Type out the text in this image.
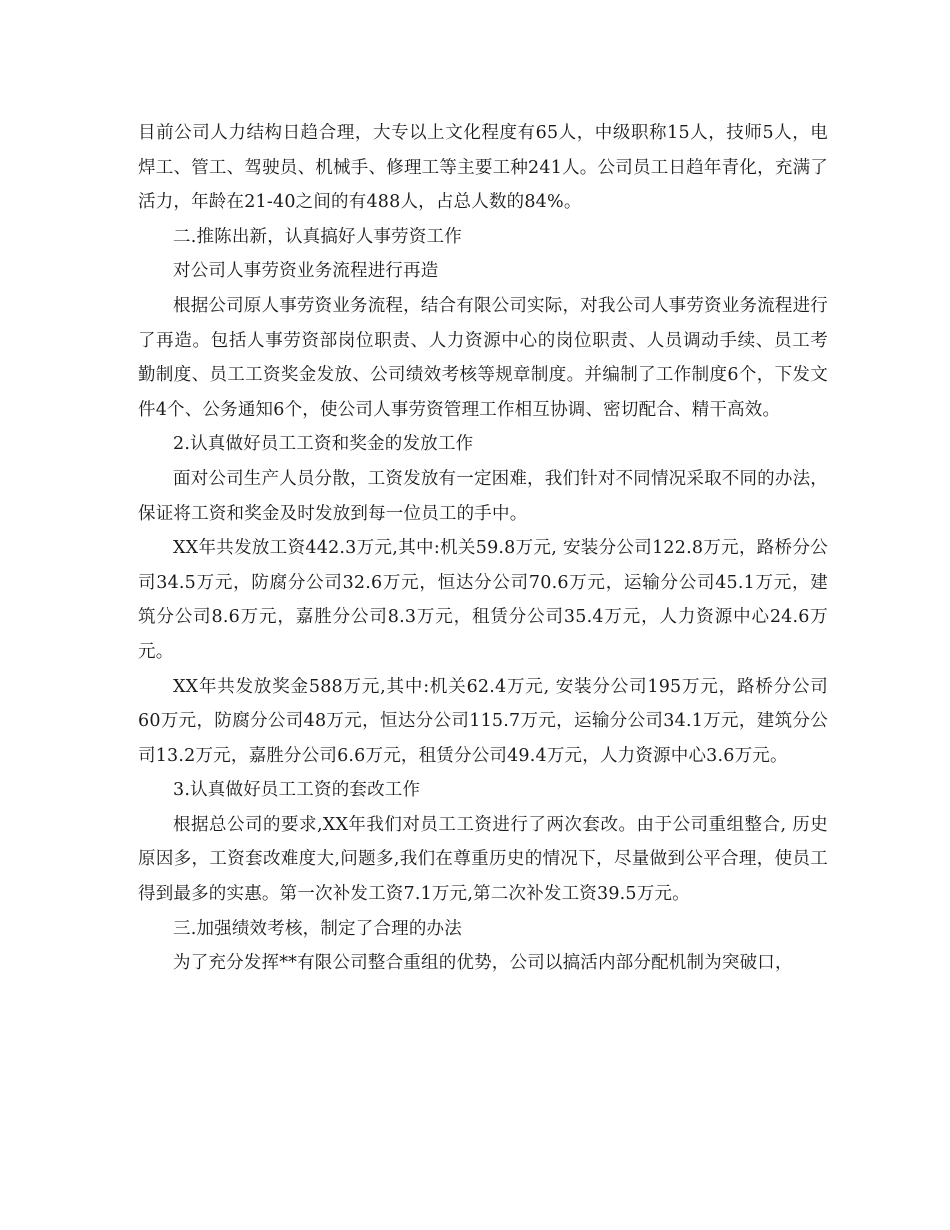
目前公司人力结构日趋合理，大专以上文化程度有65人，中级职称15人，技师5人，电焊工、管工、驾驶员、机械手、修理工等主要工种241人。公司员工日趋年青化，充满了活力，年龄在21-40之间的有488人，占总人数的84%。

二.推陈出新，认真搞好人事劳资工作

对公司人事劳资业务流程进行再造

根据公司原人事劳资业务流程，结合有限公司实际，对我公司人事劳资业务流程进行了再造。包括人事劳资部岗位职责、人力资源中心的岗位职责、人员调动手续、员工考勤制度、员工工资奖金发放、公司绩效考核等规章制度。并编制了工作制度6个，下发文件4个、公务通知6个，使公司人事劳资管理工作相互协调、密切配合、精干高效。

2.认真做好员工工资和奖金的发放工作

面对公司生产人员分散，工资发放有一定困难，我们针对不同情况采取不同的办法，保证将工资和奖金及时发放到每一位员工的手中。

XX年共发放工资442.3万元,其中:机关59.8万元, 安装分公司122.8万元，路桥分公司34.5万元，防腐分公司32.6万元，恒达分公司70.6万元，运输分公司45.1万元，建筑分公司8.6万元，嘉胜分公司8.3万元，租赁分公司35.4万元，人力资源中心24.6万元。

XX年共发放奖金588万元,其中:机关62.4万元, 安装分公司195万元，路桥分公司60万元，防腐分公司48万元，恒达分公司115.7万元，运输分公司34.1万元，建筑分公司13.2万元，嘉胜分公司6.6万元，租赁分公司49.4万元，人力资源中心3.6万元。

3.认真做好员工工资的套改工作

根据总公司的要求,XX年我们对员工工资进行了两次套改。由于公司重组整合, 历史原因多，工资套改难度大,问题多,我们在尊重历史的情况下，尽量做到公平合理，使员工得到最多的实惠。第一次补发工资7.1万元,第二次补发工资39.5万元。

三.加强绩效考核，制定了合理的办法

为了充分发挥**有限公司整合重组的优势，公司以搞活内部分配机制为突破口，
